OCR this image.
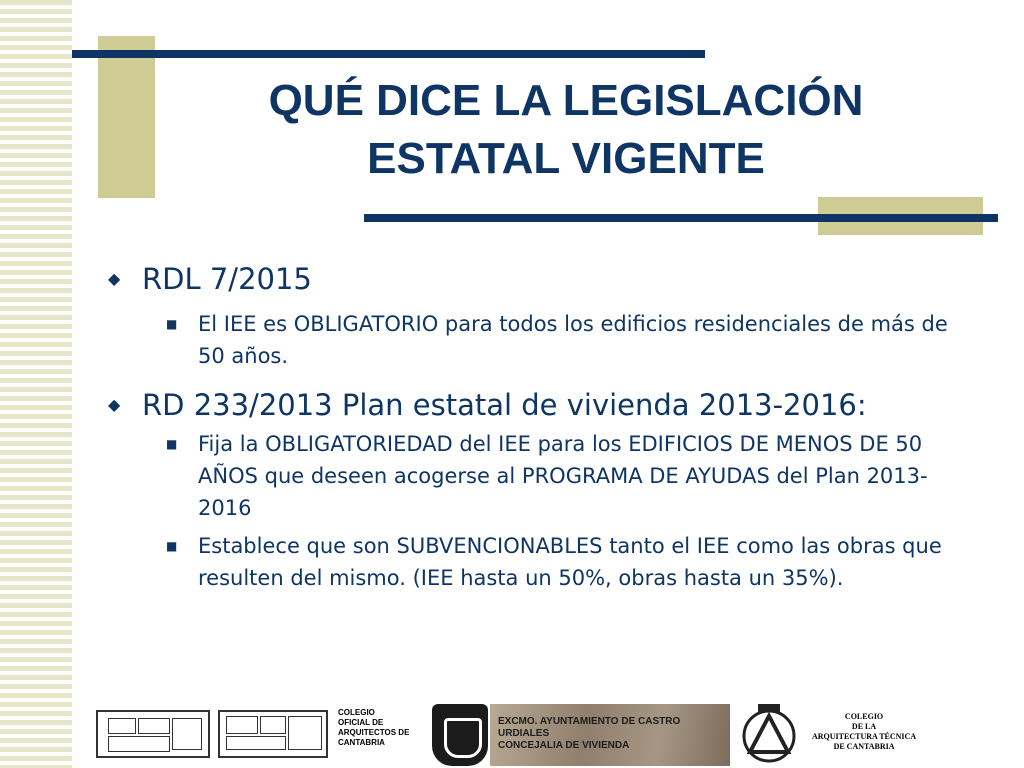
QUÉ DICE LA LEGISLACIÓN
ESTATAL VIGENTE
◆ RDL 7/2015
■ El IEE es OBLIGATORIO para todos los edificios residenciales de más de 50 años.
◆ RD 233/2013 Plan estatal de vivienda 2013-2016:
■ Fija la OBLIGATORIEDAD del IEE para los EDIFICIOS DE MENOS DE 50 AÑOS que deseen acogerse al PROGRAMA DE AYUDAS del Plan 2013-2016
■ Establece que son SUBVENCIONABLES tanto el IEE como las obras que resulten del mismo. (IEE hasta un 50%, obras hasta un 35%).
COLEGIO
OFICIAL DE
ARQUITECTOS DE
CANTABRIA
EXCMO. AYUNTAMIENTO DE CASTRO URDIALES
CONCEJALIA DE VIVIENDA
COLEGIO
DE LA
ARQUITECTURA TÉCNICA
DE CANTABRIA
